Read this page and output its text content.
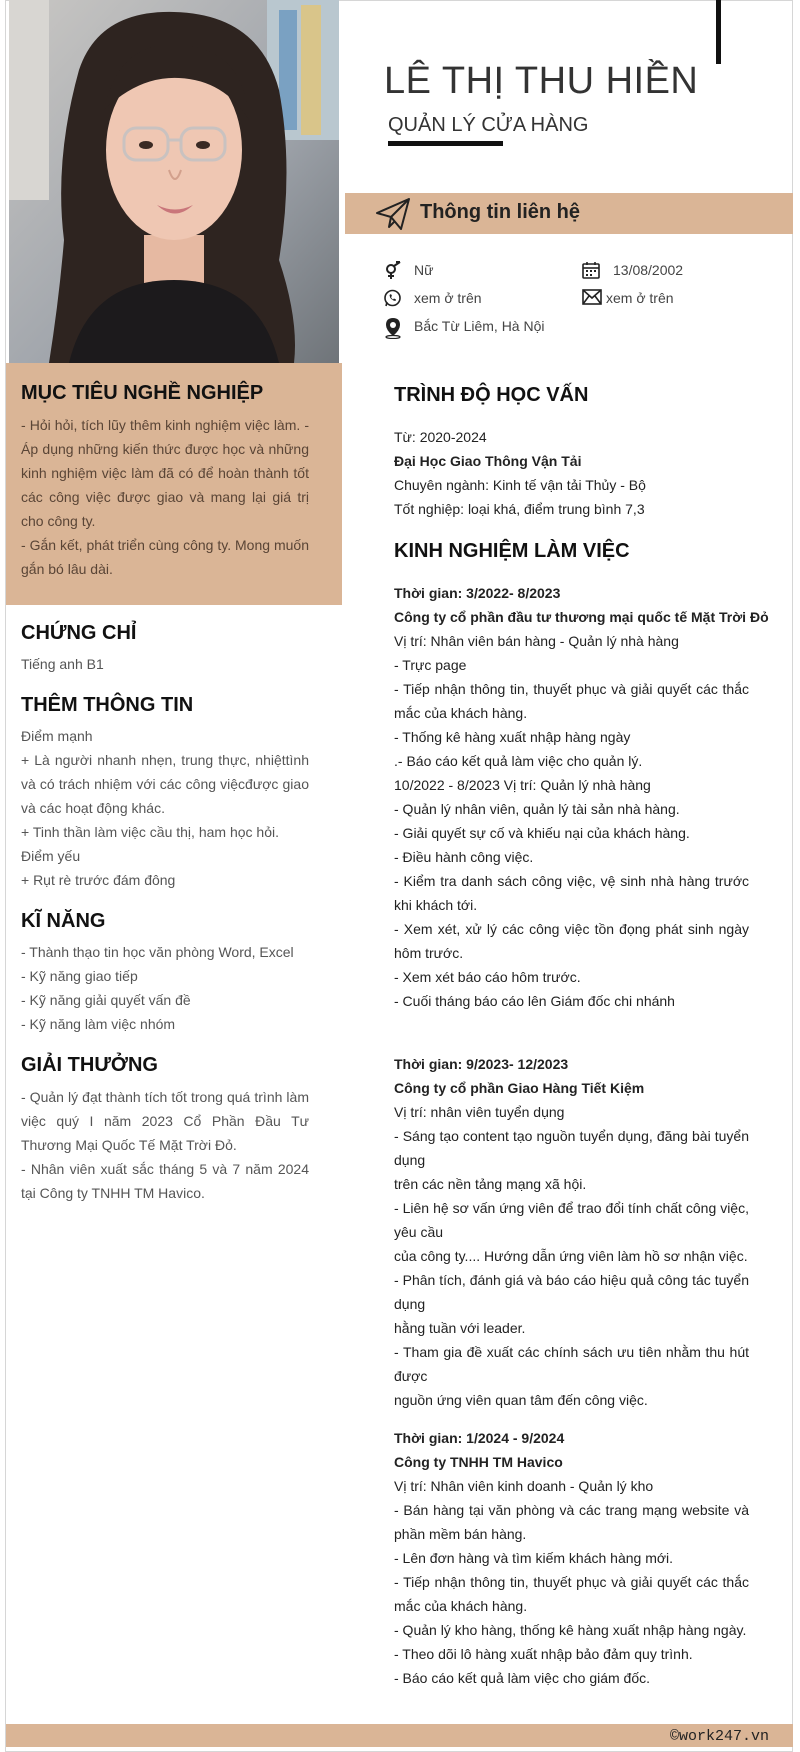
LÊ THỊ THU HIỀN
QUẢN LÝ CỬA HÀNG
Thông tin liên hệ
Nữ	13/08/2002
xem ở trên	xem ở trên
Bắc Từ Liêm, Hà Nội
MỤC TIÊU NGHỀ NGHIỆP
- Hỏi hỏi, tích lũy thêm kinh nghiệm việc làm. - Áp dụng những kiến thức được học và những kinh nghiệm việc làm đã có để hoàn thành tốt các công việc được giao và mang lại giá trị cho công ty.
- Gắn kết, phát triển cùng công ty. Mong muốn gắn bó lâu dài.
CHỨNG CHỈ
Tiếng anh B1
THÊM THÔNG TIN
Điểm mạnh
+ Là người nhanh nhẹn, trung thực, nhiệttình và có trách nhiệm với các công việcđược giao và các hoạt động khác.
+ Tinh thần làm việc cầu thị, ham học hỏi.
Điểm yếu
+ Rụt rè trước đám đông
KĨ NĂNG
- Thành thạo tin học văn phòng Word, Excel
- Kỹ năng giao tiếp
- Kỹ năng giải quyết vấn đề
- Kỹ năng làm việc nhóm
GIẢI THƯỞNG
- Quản lý đạt thành tích tốt trong quá trình làm việc quý I năm 2023 Cổ Phần Đầu Tư Thương Mại Quốc Tế Mặt Trời Đỏ.
- Nhân viên xuất sắc tháng 5 và 7 năm 2024 tại Công ty TNHH TM Havico.
TRÌNH ĐỘ HỌC VẤN
Từ: 2020-2024
Đại Học Giao Thông Vận Tải
Chuyên ngành: Kinh tế vận tải Thủy - Bộ
Tốt nghiệp: loại khá, điểm trung bình 7,3
KINH NGHIỆM LÀM VIỆC
Thời gian: 3/2022- 8/2023
Công ty cổ phần đầu tư thương mại quốc tế Mặt Trời Đỏ
Vị trí: Nhân viên bán hàng - Quản lý nhà hàng
- Trực page
- Tiếp nhận thông tin, thuyết phục và giải quyết các thắc mắc của khách hàng.
- Thống kê hàng xuất nhập hàng ngày
.- Báo cáo kết quả làm việc cho quản lý.
10/2022 - 8/2023 Vị trí: Quản lý nhà hàng
- Quản lý nhân viên, quản lý tài sản nhà hàng.
- Giải quyết sự cố và khiếu nại của khách hàng.
- Điều hành công việc.
- Kiểm tra danh sách công việc, vệ sinh nhà hàng trước khi khách tới.
- Xem xét, xử lý các công việc tồn đọng phát sinh ngày hôm trước.
- Xem xét báo cáo hôm trước.
- Cuối tháng báo cáo lên Giám đốc chi nhánh
Thời gian: 9/2023- 12/2023
Công ty cổ phần Giao Hàng Tiết Kiệm
Vị trí: nhân viên tuyển dụng
- Sáng tạo content tạo nguồn tuyển dụng, đăng bài tuyển dụng
trên các nền tảng mạng xã hội.
- Liên hệ sơ vấn ứng viên để trao đổi tính chất công việc, yêu cầu
của công ty.... Hướng dẫn ứng viên làm hồ sơ nhận việc.
- Phân tích, đánh giá và báo cáo hiệu quả công tác tuyển dụng
hằng tuần với leader.
- Tham gia đề xuất các chính sách ưu tiên nhằm thu hút được
nguồn ứng viên quan tâm đến công việc.
Thời gian: 1/2024 - 9/2024
Công ty TNHH TM Havico
Vị trí: Nhân viên kinh doanh - Quản lý kho
- Bán hàng tại văn phòng và các trang mạng website và phần mềm bán hàng.
- Lên đơn hàng và tìm kiếm khách hàng mới.
- Tiếp nhận thông tin, thuyết phục và giải quyết các thắc mắc của khách hàng.
- Quản lý kho hàng, thống kê hàng xuất nhập hàng ngày.
- Theo dõi lô hàng xuất nhập bảo đảm quy trình.
- Báo cáo kết quả làm việc cho giám đốc.
©work247.vn
